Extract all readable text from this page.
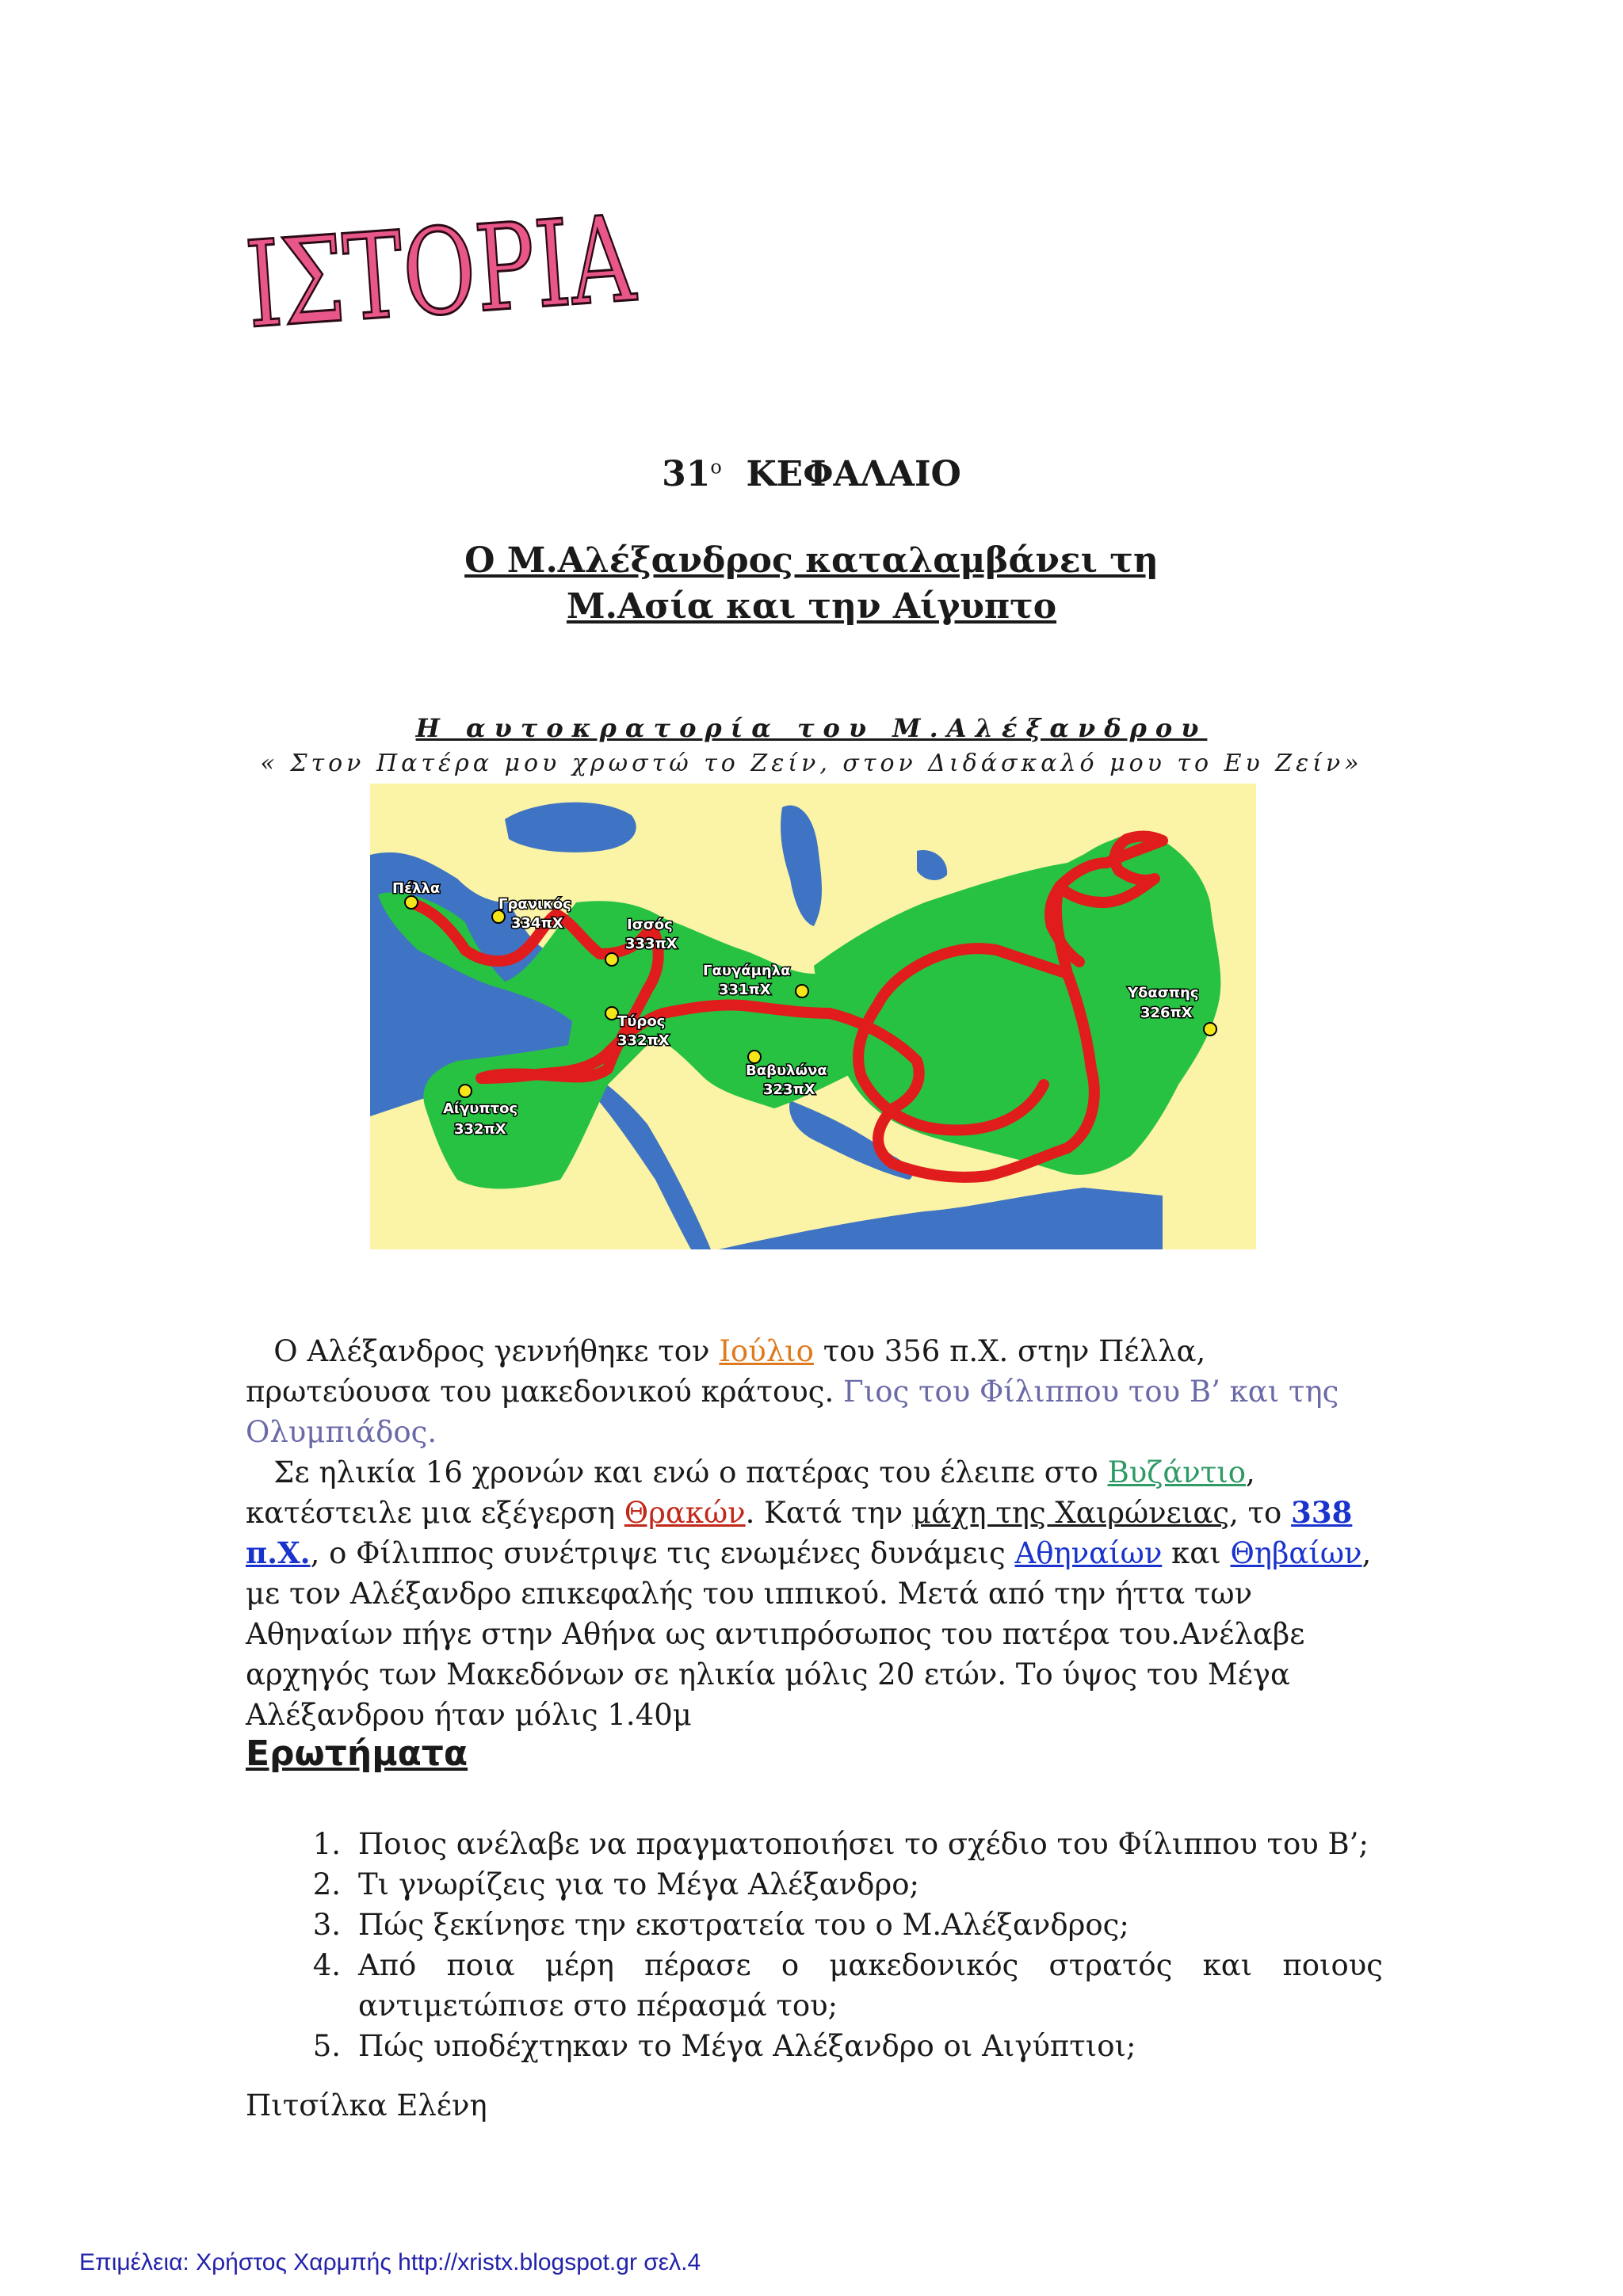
ΙΣΤΟΡΙΑ
$31^o$ ΚΕΦΑΛΑΙΟ
Ο Μ.Αλέξανδρος καταλαμβάνει τη
Μ.Ασία και την Αίγυπτο
Η αυτοκρατορία του Μ.Αλέξανδρου
« Στον Πατέρα μου χρωστώ το Ζείν, στον Διδάσκαλό μου το Ευ Ζείν»
Πέλλα
Γρανικός
334πΧ	Ισσός
333πΧ
Γαυγάμηλα
331πΧ
Τύρος
332πΧ
Βαβυλώνα
323πΧ
Αίγυπτος
332πΧ
Υδασπης
326πΧ

Ο Αλέξανδρος γεννήθηκε τον Ιούλιο του 356 π.Χ. στην Πέλλα, πρωτεύουσα του μακεδονικού κράτους. Γιος του Φίλιππου του Β’ και της Ολυμπιάδος.

Σε ηλικία 16 χρονών και ενώ ο πατέρας του έλειπε στο Βυζάντιο, κατέστειλε μια εξέγερση Θρακών. Κατά την μάχη της Χαιρώνειας, το 338 π.Χ., ο Φίλιππος συνέτριψε τις ενωμένες δυνάμεις Αθηναίων και Θηβαίων, με τον Αλέξανδρο επικεφαλής του ιππικού. Μετά από την ήττα των Αθηναίων πήγε στην Αθήνα ως αντιπρόσωπος του πατέρα του.Ανέλαβε αρχηγός των Μακεδόνων σε ηλικία μόλις 20 ετών. Το ύψος του Μέγα Αλέξανδρου ήταν μόλις 1.40μ

Ερωτήματα
1. Ποιος ανέλαβε να πραγματοποιήσει το σχέδιο του Φίλιππου του Β’;
2. Τι γνωρίζεις για το Μέγα Αλέξανδρο;
3. Πώς ξεκίνησε την εκστρατεία του ο Μ.Αλέξανδρος;
4. Από ποια μέρη πέρασε ο μακεδονικός στρατός και ποιους
αντιμετώπισε στο πέρασμά του;
5. Πώς υποδέχτηκαν το Μέγα Αλέξανδρο οι Αιγύπτιοι;
Πιτσίλκα Ελένη
Επιμέλεια: Χρήστος Χαρμπής http://xristx.blogspot.gr σελ.4
